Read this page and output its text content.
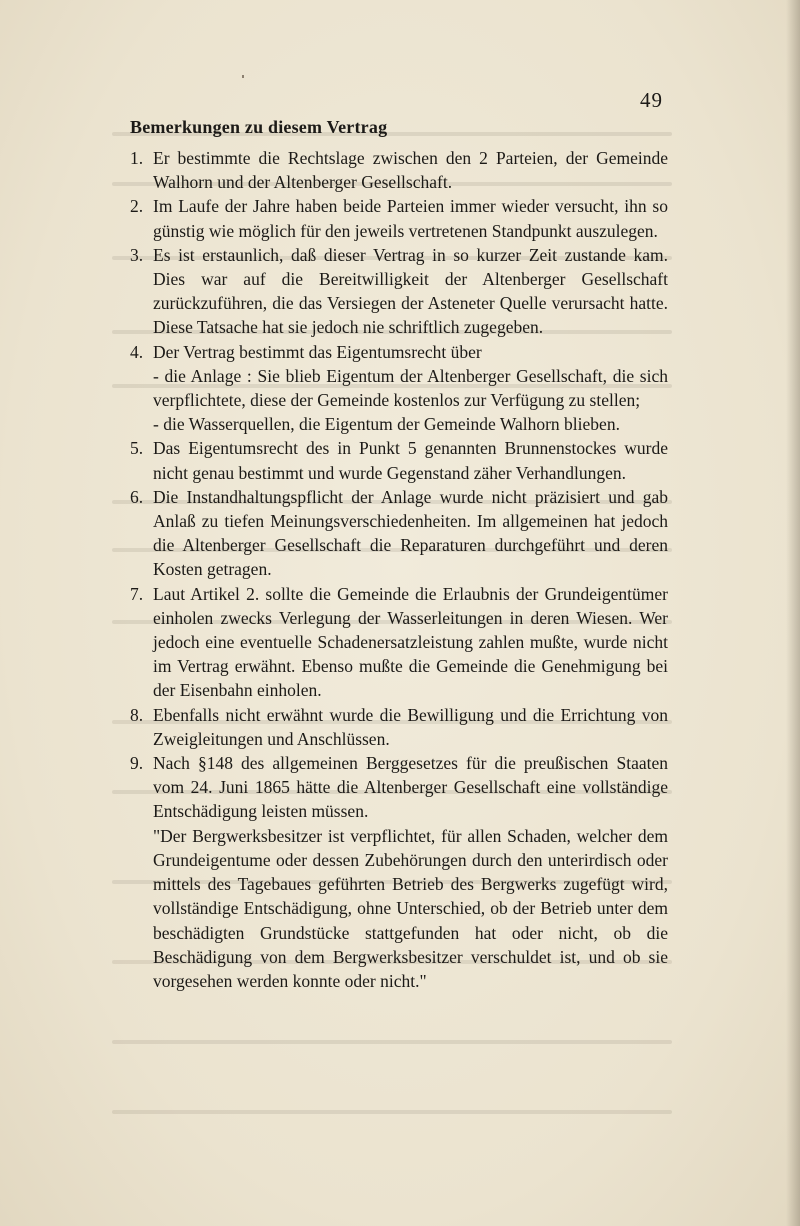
49
Bemerkungen zu diesem Vertrag
1. Er bestimmte die Rechtslage zwischen den 2 Parteien, der Gemeinde Walhorn und der Altenberger Gesellschaft.
2. Im Laufe der Jahre haben beide Parteien immer wieder versucht, ihn so günstig wie möglich für den jeweils vertretenen Standpunkt auszulegen.
3. Es ist erstaunlich, daß dieser Vertrag in so kurzer Zeit zustande kam. Dies war auf die Bereitwilligkeit der Altenberger Gesellschaft zurückzuführen, die das Versiegen der Asteneter Quelle verursacht hatte. Diese Tatsache hat sie jedoch nie schriftlich zugegeben.
4. Der Vertrag bestimmt das Eigentumsrecht über
- die Anlage : Sie blieb Eigentum der Altenberger Gesellschaft, die sich verpflichtete, diese der Gemeinde kostenlos zur Verfügung zu stellen;
- die Wasserquellen, die Eigentum der Gemeinde Walhorn blieben.
5. Das Eigentumsrecht des in Punkt 5 genannten Brunnenstockes wurde nicht genau bestimmt und wurde Gegenstand zäher Verhandlungen.
6. Die Instandhaltungspflicht der Anlage wurde nicht präzisiert und gab Anlaß zu tiefen Meinungsverschiedenheiten. Im allgemeinen hat jedoch die Altenberger Gesellschaft die Reparaturen durchgeführt und deren Kosten getragen.
7. Laut Artikel 2. sollte die Gemeinde die Erlaubnis der Grundeigentümer einholen zwecks Verlegung der Wasserleitungen in deren Wiesen. Wer jedoch eine eventuelle Schadenersatzleistung zahlen mußte, wurde nicht im Vertrag erwähnt. Ebenso mußte die Gemeinde die Genehmigung bei der Eisenbahn einholen.
8. Ebenfalls nicht erwähnt wurde die Bewilligung und die Errichtung von Zweigleitungen und Anschlüssen.
9. Nach §148 des allgemeinen Berggesetzes für die preußischen Staaten vom 24. Juni 1865 hätte die Altenberger Gesellschaft eine vollständige Entschädigung leisten müssen.
"Der Bergwerksbesitzer ist verpflichtet, für allen Schaden, welcher dem Grundeigentume oder dessen Zubehörungen durch den unterirdisch oder mittels des Tagebaues geführten Betrieb des Bergwerks zugefügt wird, vollständige Entschädigung, ohne Unterschied, ob der Betrieb unter dem beschädigten Grundstücke stattgefunden hat oder nicht, ob die Beschädigung von dem Bergwerksbesitzer verschuldet ist, und ob sie vorgesehen werden konnte oder nicht."
